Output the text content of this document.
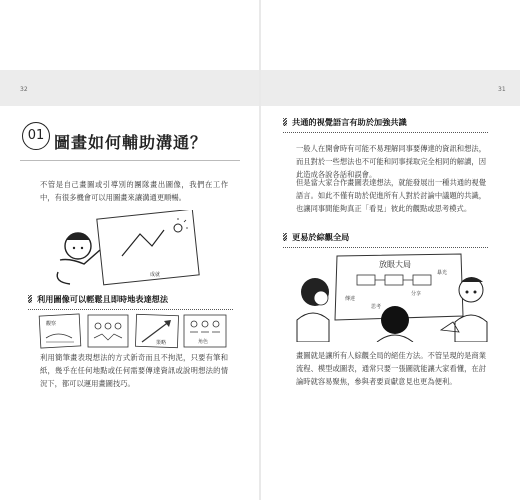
32
01 圖畫如何輔助溝通？
不管是自己畫圖或引導別的團隊畫出圖像，我們在工作中，有很多機會可以用圖畫來讓溝通更順暢。
成就
利用圖像可以輕鬆且即時地表達想法
觀察
策略	角色
利用簡筆畫表現想法的方式新奇而且不拘泥，只要有筆和紙，幾乎在任何地點或任何需要傳達資訊或說明想法的情況下，都可以運用畫圖技巧。
31
共通的視覺語言有助於加強共識
一般人在開會時有可能不易理解同事要傳達的資訊和想法，而且對於一些想法也不可能和同事採取完全相同的解讀，因此造成各說各話和誤會。
但是當大家合作畫圖表達想法，就能發展出一種共通的視覺語言。如此不僅有助於促進所有人對於討論中議題的共識，也讓同事間能夠真正「看見」彼此的觀點或思考模式。
更易於綜觀全局
放眼大局
分享
暴光
傳達
思考
畫圖就是讓所有人綜觀全局的絕佳方法。不管呈現的是商業流程、模型或圖表，通常只要一張圖就能讓大家看懂，在討論時就容易聚焦，參與者要貢獻意見也更為便利。
